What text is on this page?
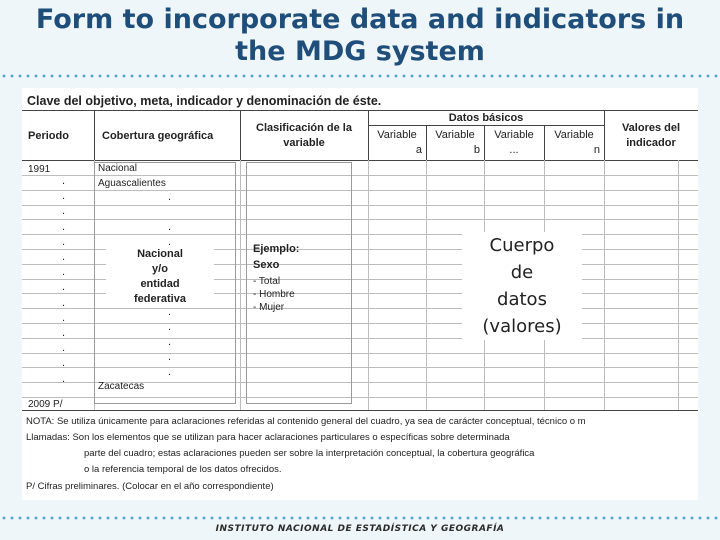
Form to incorporate data and indicators in
the MDG system
Clave del objetivo, meta, indicador y denominación de éste.
Periodo	Cobertura geográfica
Clasificación de la
variable
Datos básicos
Variable
a
Variable
b
Variable
...
Variable
n
Valores del
indicador
1991
.
.
.
.
.
.
.
.
.
.
.
.
.
.
2009 P/
Nacional
Aguascalientes
.
.
.
.
.
.
.
.
Zacatecas
Nacional
y/o
entidad
federativa
Ejemplo:
Sexo
- Total
- Hombre
- Mujer
Cuerpo
de
datos
(valores)
NOTA: Se utiliza únicamente para aclaraciones referidas al contenido general del cuadro, ya sea de carácter conceptual, técnico o m
Llamadas: Son los elementos que se utilizan para hacer aclaraciones particulares o específicas sobre determinada
parte del cuadro; estas aclaraciones pueden ser sobre la interpretación conceptual, la cobertura geográfica
o la referencia temporal de los datos ofrecidos.
P/ Cifras preliminares. (Colocar en el año correspondiente)
INSTITUTO NACIONAL DE ESTADÍSTICA Y GEOGRAFÍA
